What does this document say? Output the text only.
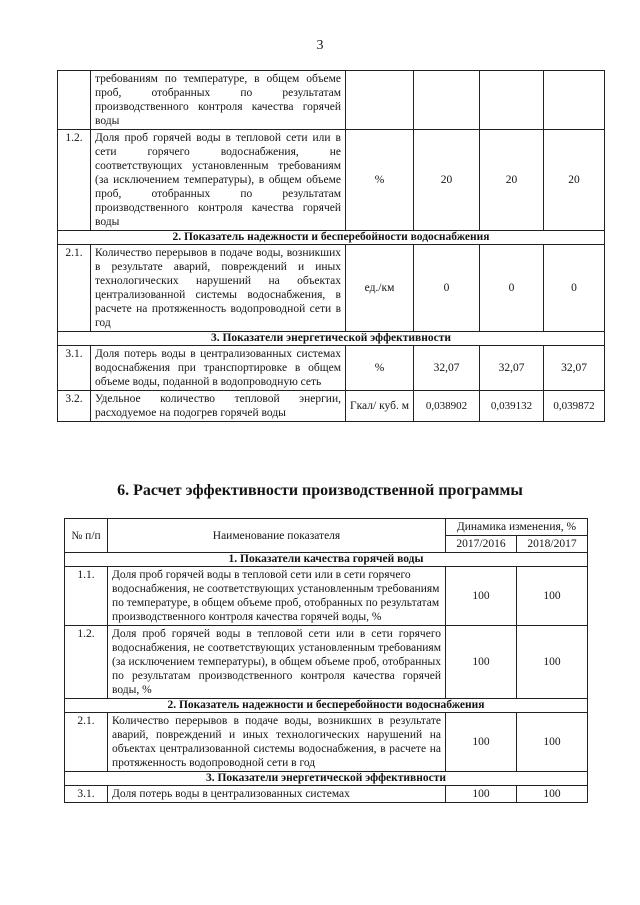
3
	требованиям по температуре, в общем объеме проб, отобранных по результатам производственного контроля качества горячей воды				
1.2.	Доля проб горячей воды в тепловой сети или в сети горячего водоснабжения, не соответствующих установленным требованиям (за исключением температуры), в общем объеме проб, отобранных по результатам производственного контроля качества горячей воды	%	20	20	20
2. Показатель надежности и бесперебойности водоснабжения					
2.1.	Количество перерывов в подаче воды, возникших в результате аварий, повреждений и иных технологических нарушений на объектах централизованной системы водоснабжения, в расчете на протяженность водопроводной сети в год	ед./км	0	0	0
3. Показатели энергетической эффективности					
3.1.	Доля потерь воды в централизованных системах водоснабжения при транспортировке в общем объеме воды, поданной в водопроводную сеть	%	32,07	32,07	32,07
3.2.	Удельное количество тепловой энергии, расходуемое на подогрев горячей воды	Гкал/ куб. м	0,038902	0,039132	0,039872
6. Расчет эффективности производственной программы
№ п/п	Наименование показателя	Динамика изменения, %	
		2017/2016	2018/2017
1. Показатели качества горячей воды			
1.1.	Доля проб горячей воды в тепловой сети или в сети горячего водоснабжения, не соответствующих установленным требованиям по температуре, в общем объеме проб, отобранных по результатам производственного контроля качества горячей воды, %	100	100
1.2.	Доля проб горячей воды в тепловой сети или в сети горячего водоснабжения, не соответствующих установленным требованиям (за исключением температуры), в общем объеме проб, отобранных по результатам производственного контроля качества горячей воды, %	100	100
2. Показатель надежности и бесперебойности водоснабжения			
2.1.	Количество перерывов в подаче воды, возникших в результате аварий, повреждений и иных технологических нарушений на объектах централизованной системы водоснабжения, в расчете на протяженность водопроводной сети в год	100	100
3. Показатели энергетической эффективности			
3.1.	Доля потерь воды в централизованных системах	100	100
